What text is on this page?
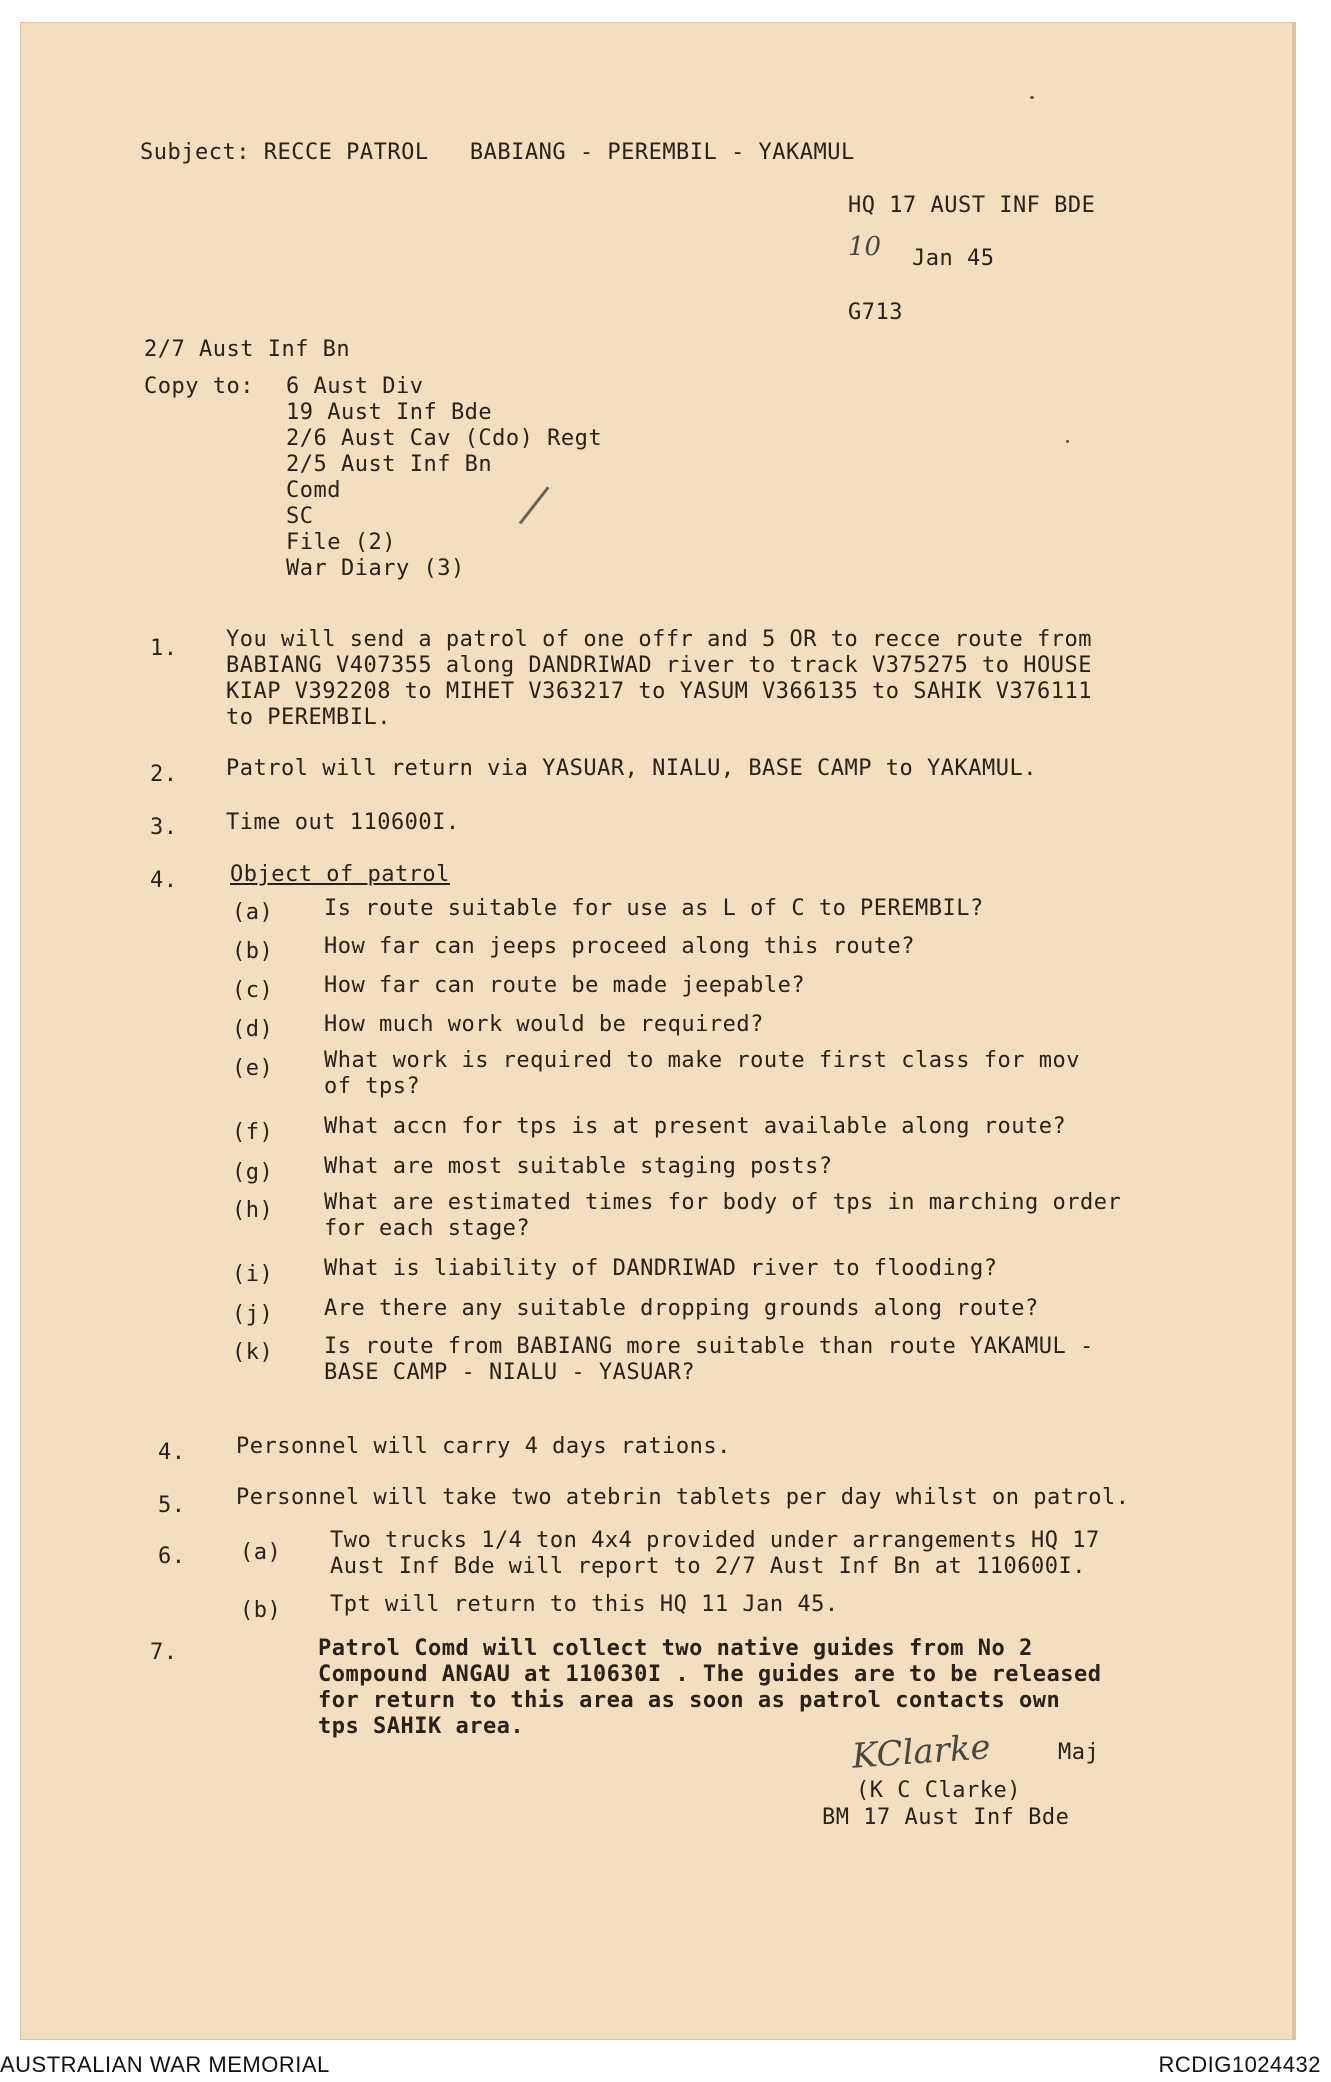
Subject: RECCE PATROL   BABIANG - PEREMBIL - YAKAMUL
HQ 17 AUST INF BDE
10 Jan 45
G713
2/7 Aust Inf Bn
Copy to: 6 Aust Div
19 Aust Inf Bde
2/6 Aust Cav (Cdo) Regt
2/5 Aust Inf Bn
Comd
SC
File (2)
War Diary (3)
1. You will send a patrol of one offr and 5 OR to recce route from
BABIANG V407355 along DANDRIWAD river to track V375275 to HOUSE
KIAP V392208 to MIHET V363217 to YASUM V366135 to SAHIK V376111
to PEREMBIL.
2. Patrol will return via YASUAR, NIALU, BASE CAMP to YAKAMUL.
3. Time out 110600I.
4. Object of patrol
(a) Is route suitable for use as L of C to PEREMBIL?
(b) How far can jeeps proceed along this route?
(c) How far can route be made jeepable?
(d) How much work would be required?
(e) What work is required to make route first class for mov
of tps?
(f) What accn for tps is at present available along route?
(g) What are most suitable staging posts?
(h) What are estimated times for body of tps in marching order
for each stage?
(i) What is liability of DANDRIWAD river to flooding?
(j) Are there any suitable dropping grounds along route?
(k) Is route from BABIANG more suitable than route YAKAMUL -
BASE CAMP - NIALU - YASUAR?
4. Personnel will carry 4 days rations.
5. Personnel will take two atebrin tablets per day whilst on patrol.
6. (a) Two trucks 1/4 ton 4x4 provided under arrangements HQ 17
Aust Inf Bde will report to 2/7 Aust Inf Bn at 110600I.
(b) Tpt will return to this HQ 11 Jan 45.
7.	Patrol Comd will collect two native guides from No 2
Compound ANGAU at 110630I . The guides are to be released
for return to this area as soon as patrol contacts own
tps SAHIK area.
KClarke	Maj
(K C Clarke)
BM 17 Aust Inf Bde
AUSTRALIAN WAR MEMORIAL	RCDIG1024432
